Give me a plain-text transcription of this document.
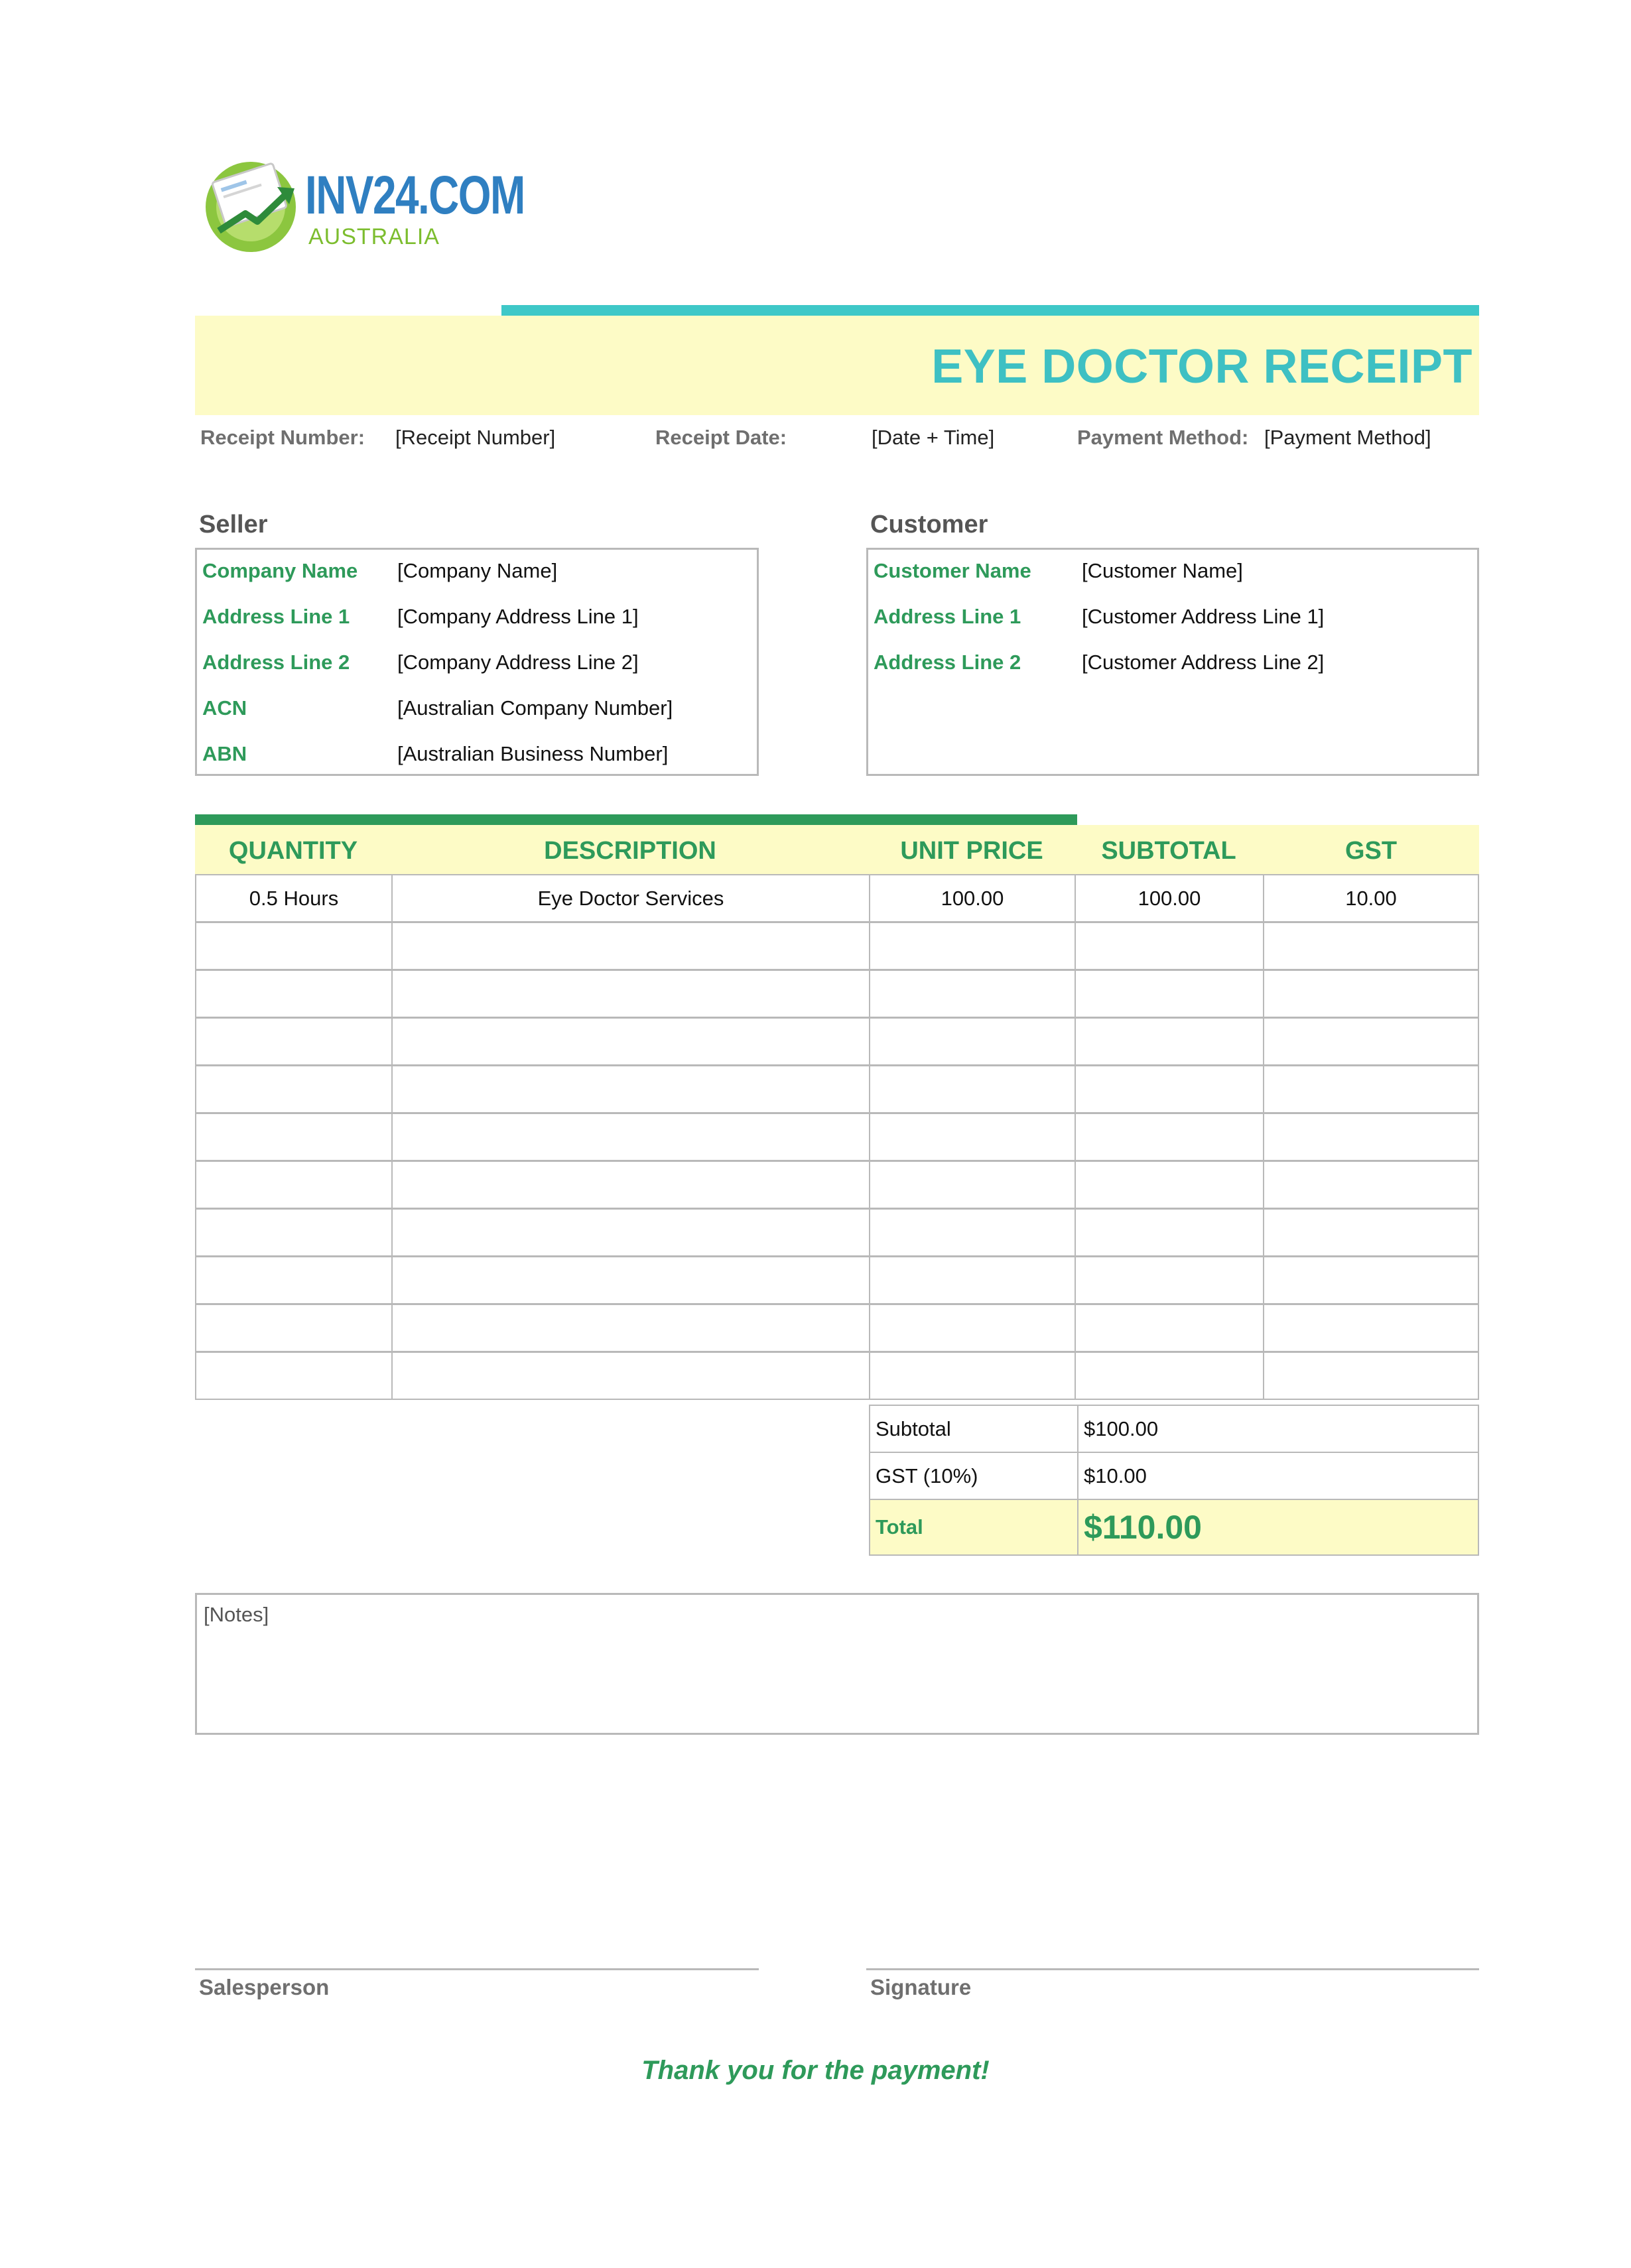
INV24.COM
AUSTRALIA
EYE DOCTOR RECEIPT
Receipt Number: [Receipt Number]	Receipt Date:	[Date + Time]	Payment Method: [Payment Method]
Seller	Customer
Company Name [Company Name]
Address Line 1 [Company Address Line 1]
Address Line 2 [Company Address Line 2]
ACN	[Australian Company Number]
ABN	[Australian Business Number]
Customer Name [Customer Name]
Address Line 1	[Customer Address Line 1]
Address Line 2	[Customer Address Line 2]
QUANTITY	DESCRIPTION	UNIT PRICE	SUBTOTAL	GST
0.5 Hours	Eye Doctor Services	100.00	100.00	10.00
Subtotal	$100.00
GST (10%)	$10.00
Total	$110.00
[Notes]
Salesperson	Signature
Thank you for the payment!
